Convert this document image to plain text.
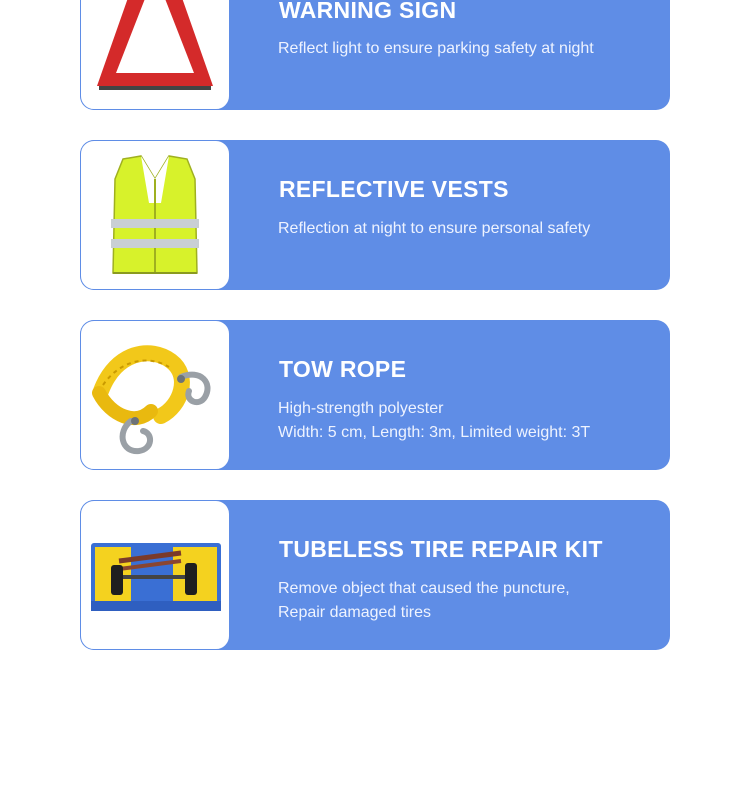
WARNING SIGN
Reflect light to ensure parking safety at night
REFLECTIVE VESTS
Reflection at night to ensure personal safety
TOW ROPE
High-strength polyester
Width: 5 cm, Length: 3m, Limited weight: 3T
TUBELESS TIRE REPAIR KIT
Remove object that caused the puncture,
Repair damaged tires
